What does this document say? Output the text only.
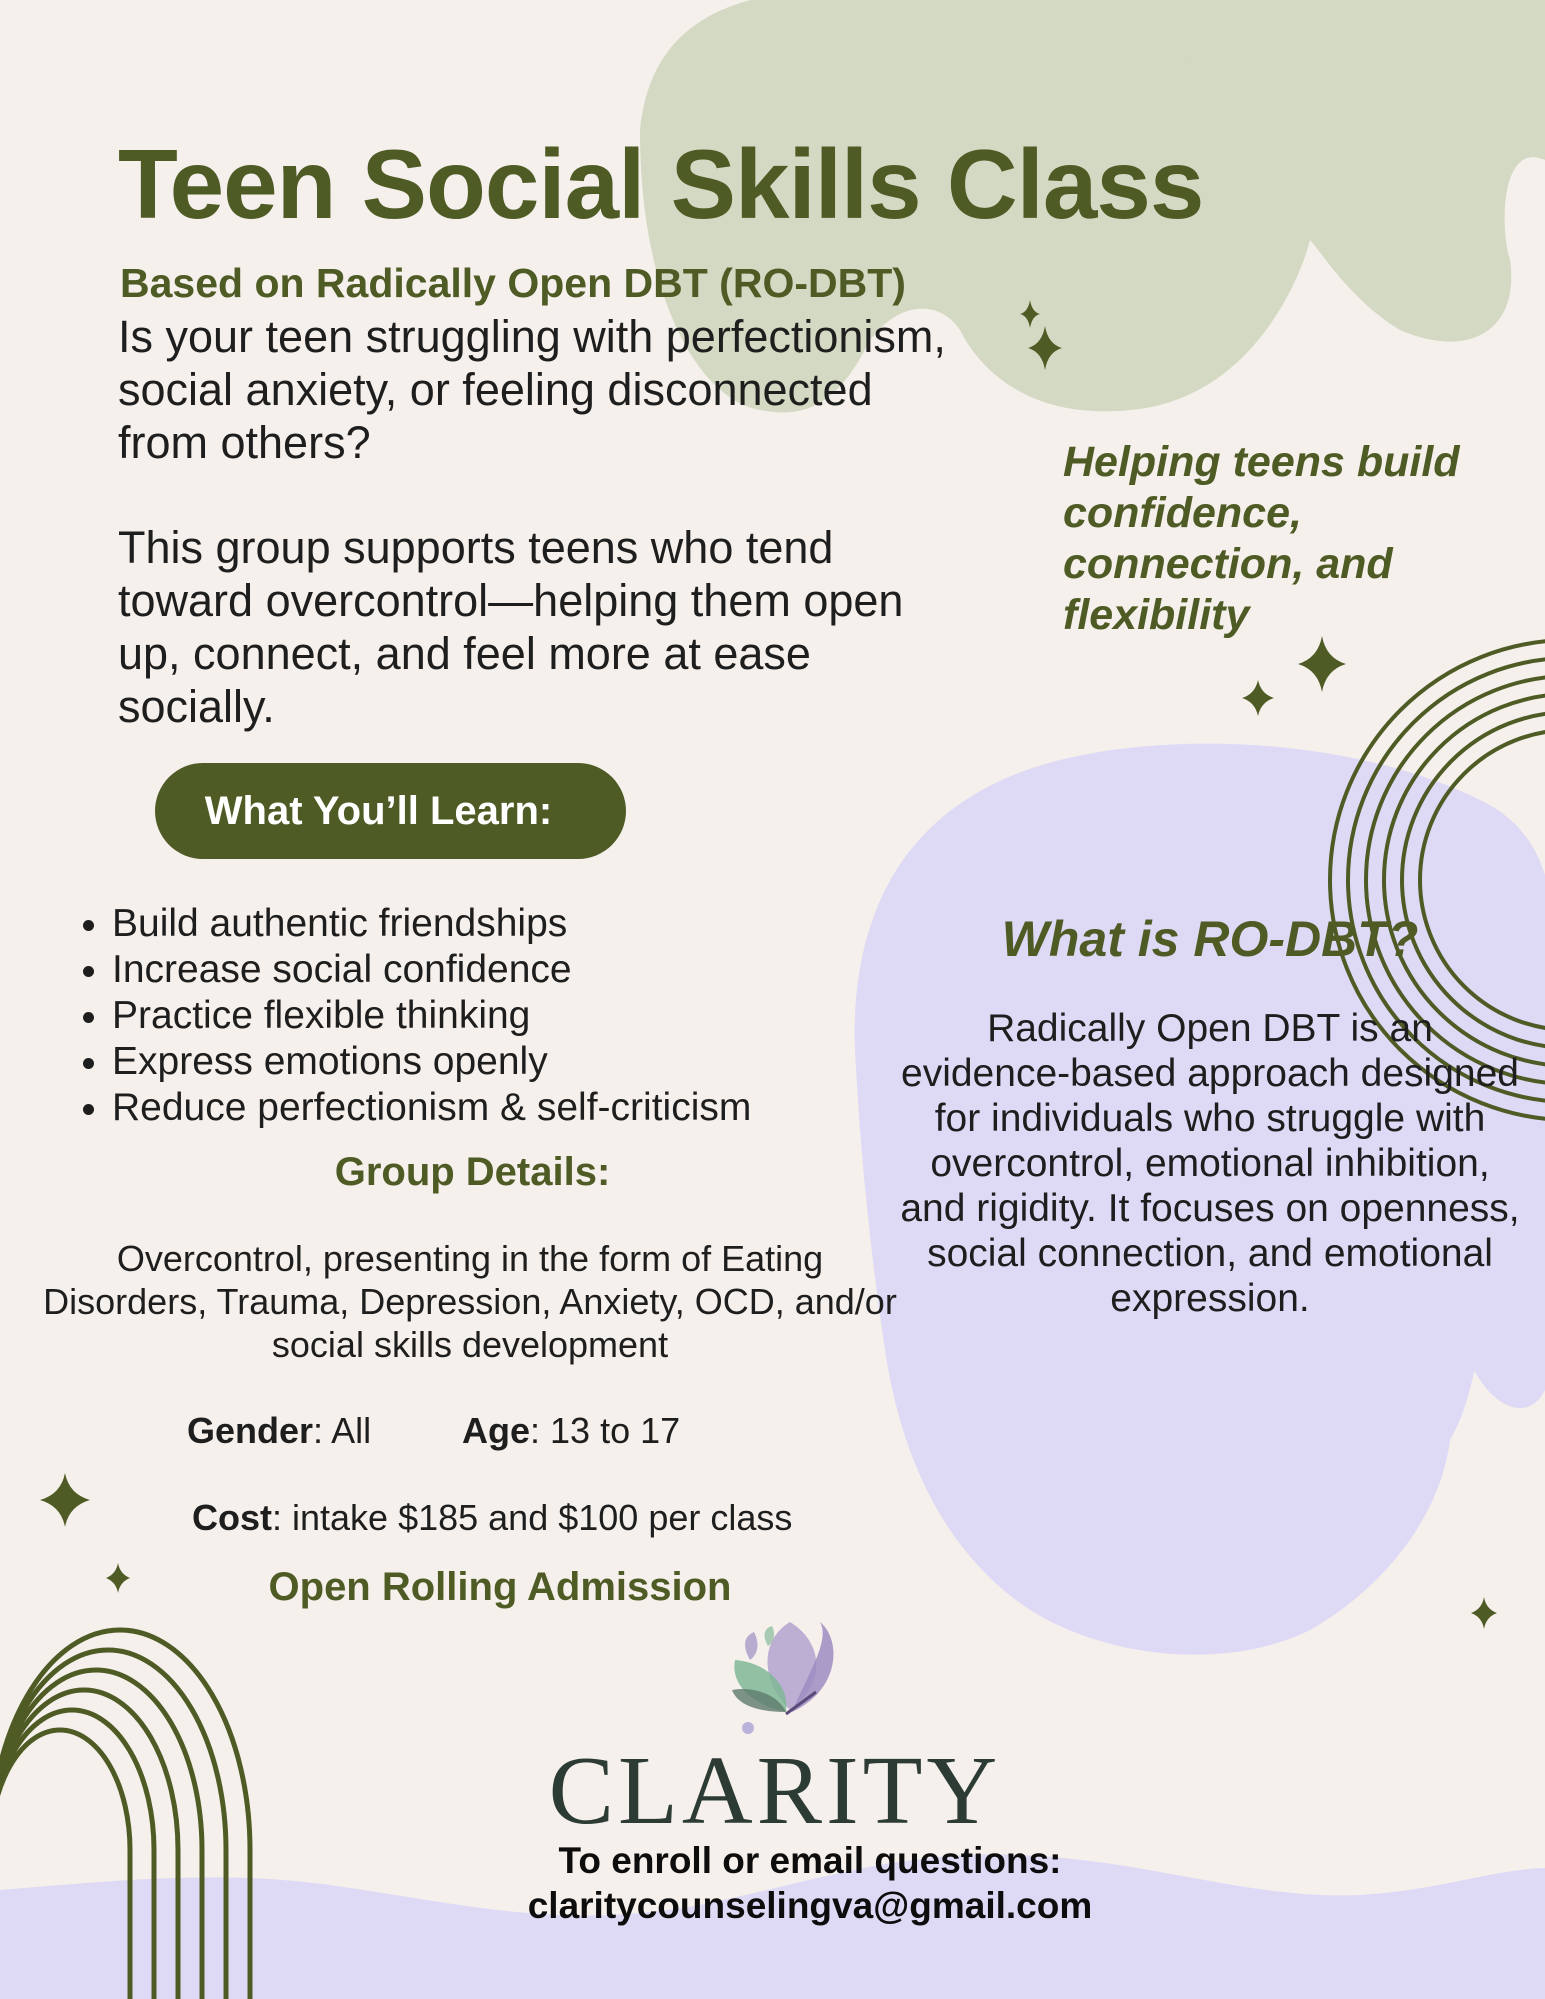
Teen Social Skills Class
Based on Radically Open DBT (RO-DBT)

Is your teen struggling with perfectionism, social anxiety, or feeling disconnected from others?

This group supports teens who tend toward overcontrol—helping them open up, connect, and feel more at ease socially.

Helping teens build confidence, connection, and flexibility
What You’ll Learn:
• Build authentic friendships
• Increase social confidence
• Practice flexible thinking
• Express emotions openly
• Reduce perfectionism & self-criticism
Group Details:
Overcontrol, presenting in the form of Eating Disorders, Trauma, Depression, Anxiety, OCD, and/or social skills development
Gender: All	Age: 13 to 17
Cost: intake $185 and $100 per class
Open Rolling Admission
What is RO-DBT?
Radically Open DBT is an evidence-based approach designed for individuals who struggle with overcontrol, emotional inhibition, and rigidity. It focuses on openness, social connection, and emotional expression.
CLARITY
To enroll or email questions:
claritycounselingva@gmail.com
